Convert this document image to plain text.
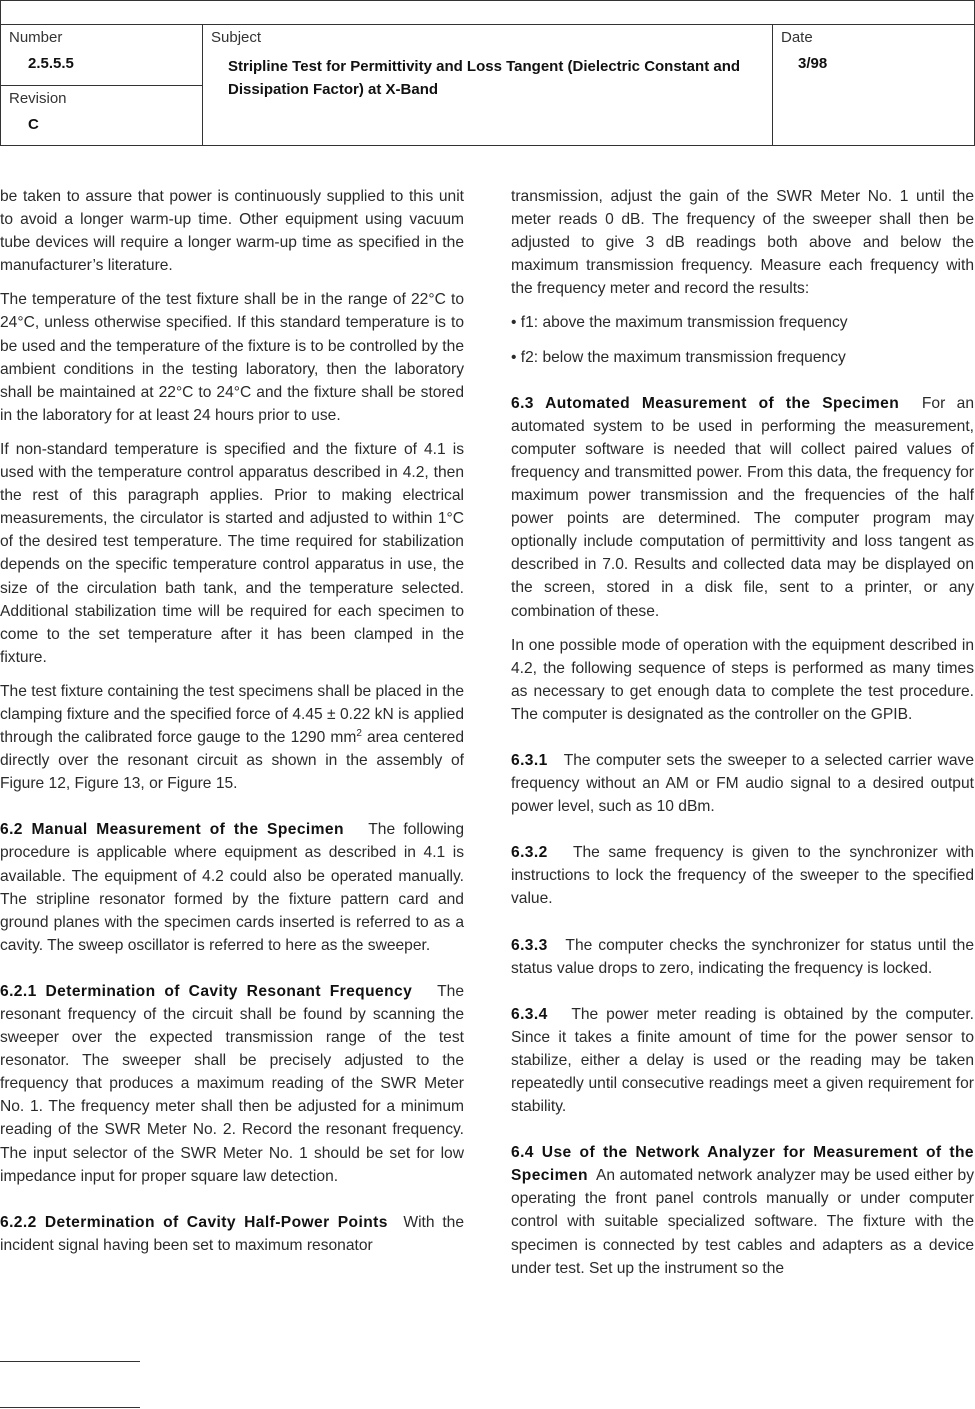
Number
2.5.5.5
Revision
C
Subject
Stripline Test for Permittivity and Loss Tangent (Dielectric Constant and Dissipation Factor) at X-Band
Date
3/98

be taken to assure that power is continuously supplied to this unit to avoid a longer warm-up time. Other equipment using vacuum tube devices will require a longer warm-up time as specified in the manufacturer’s literature.

The temperature of the test fixture shall be in the range of 22°C to 24°C, unless otherwise specified. If this standard temperature is to be used and the temperature of the fixture is to be controlled by the ambient conditions in the testing laboratory, then the laboratory shall be maintained at 22°C to 24°C and the fixture shall be stored in the laboratory for at least 24 hours prior to use.

If non-standard temperature is specified and the fixture of 4.1 is used with the temperature control apparatus described in 4.2, then the rest of this paragraph applies. Prior to making electrical measurements, the circulator is started and adjusted to within 1°C of the desired test temperature. The time required for stabilization depends on the specific temperature control apparatus in use, the size of the circulation bath tank, and the temperature selected. Additional stabilization time will be required for each specimen to come to the set temperature after it has been clamped in the fixture.

The test fixture containing the test specimens shall be placed in the clamping fixture and the specified force of 4.45 ± 0.22 kN is applied through the calibrated force gauge to the 1290 $mm^2$ area centered directly over the resonant circuit as shown in the assembly of Figure 12, Figure 13, or Figure 15.

6.2 Manual Measurement of the Specimen The following procedure is applicable where equipment as described in 4.1 is available. The equipment of 4.2 could also be operated manually. The stripline resonator formed by the fixture pattern card and ground planes with the specimen cards inserted is referred to as a cavity. The sweep oscillator is referred to here as the sweeper.

6.2.1 Determination of Cavity Resonant Frequency The resonant frequency of the circuit shall be found by scanning the sweeper over the expected transmission range of the test resonator. The sweeper shall be precisely adjusted to the frequency that produces a maximum reading of the SWR Meter No. 1. The frequency meter shall then be adjusted for a minimum reading of the SWR Meter No. 2. Record the resonant frequency. The input selector of the SWR Meter No. 1 should be set for low impedance input for proper square law detection.

6.2.2 Determination of Cavity Half-Power Points With the incident signal having been set to maximum resonator

transmission, adjust the gain of the SWR Meter No. 1 until the meter reads 0 dB. The frequency of the sweeper shall then be adjusted to give 3 dB readings both above and below the maximum transmission frequency. Measure each frequency with the frequency meter and record the results:

• f1: above the maximum transmission frequency

• f2: below the maximum transmission frequency

6.3 Automated Measurement of the Specimen For an automated system to be used in performing the measurement, computer software is needed that will collect paired values of frequency and transmitted power. From this data, the frequency for maximum power transmission and the frequencies of the half power points are determined. The computer program may optionally include computation of permittivity and loss tangent as described in 7.0. Results and collected data may be displayed on the screen, stored in a disk file, sent to a printer, or any combination of these.

In one possible mode of operation with the equipment described in 4.2, the following sequence of steps is performed as many times as necessary to get enough data to complete the test procedure. The computer is designated as the controller on the GPIB.

6.3.1 The computer sets the sweeper to a selected carrier wave frequency without an AM or FM audio signal to a desired output power level, such as 10 dBm.

6.3.2 The same frequency is given to the synchronizer with instructions to lock the frequency of the sweeper to the specified value.

6.3.3 The computer checks the synchronizer for status until the status value drops to zero, indicating the frequency is locked.

6.3.4 The power meter reading is obtained by the computer. Since it takes a finite amount of time for the power sensor to stabilize, either a delay is used or the reading may be taken repeatedly until consecutive readings meet a given requirement for stability.

6.4 Use of the Network Analyzer for Measurement of the Specimen An automated network analyzer may be used either by operating the front panel controls manually or under computer control with suitable specialized software. The fixture with the specimen is connected by test cables and adapters as a device under test. Set up the instrument so the
